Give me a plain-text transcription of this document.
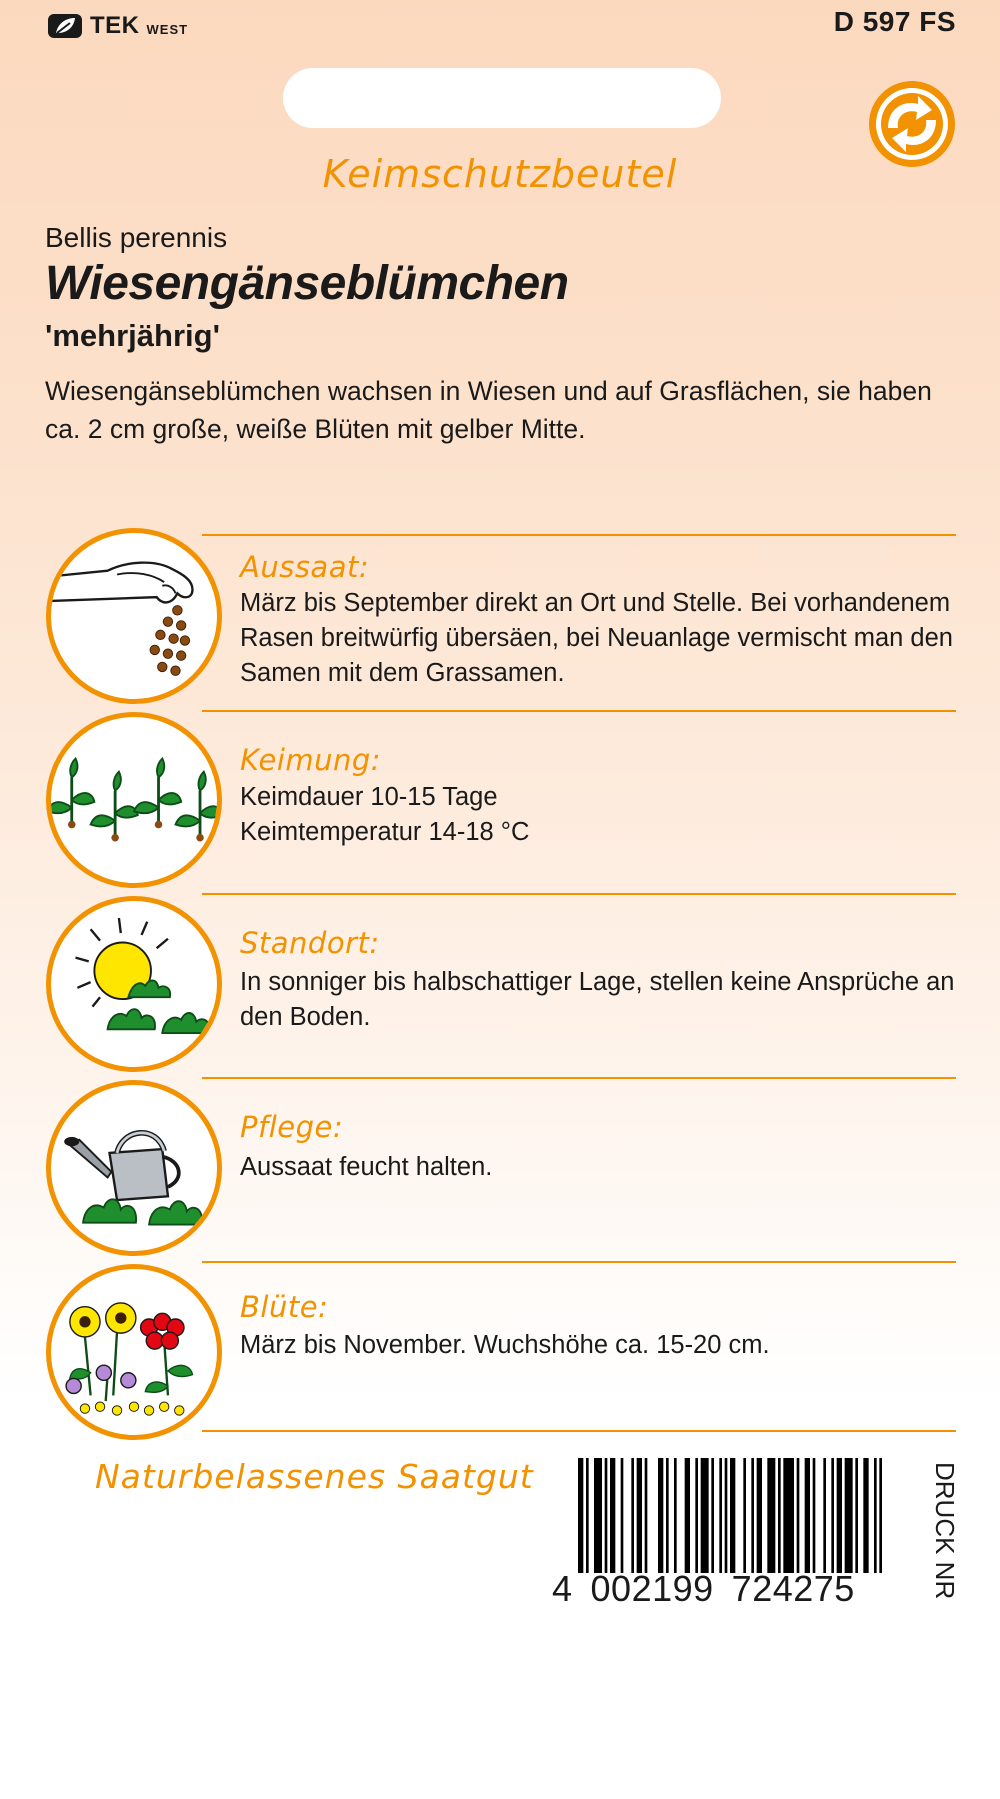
TEK WEST	D 597 FS
Keimschutzbeutel
Bellis perennis
Wiesengänseblümchen
'mehrjährig'
Wiesengänseblümchen wachsen in Wiesen und auf Grasflächen, sie haben ca. 2 cm große, weiße Blüten mit gelber Mitte.
Aussaat:
März bis September direkt an Ort und Stelle. Bei vorhandenem Rasen breitwürfig übersäen, bei Neuanlage vermischt man den Samen mit dem Grassamen.
Keimung:
Keimdauer 10-15 Tage
Keimtemperatur 14-18 °C
Standort:
In sonniger bis halbschattiger Lage, stellen keine Ansprüche an den Boden.
Pflege:
Aussaat feucht halten.
Blüte:
März bis November. Wuchshöhe ca. 15-20 cm.
Naturbelassenes Saatgut
4 002199 724275	DRUCK NR
